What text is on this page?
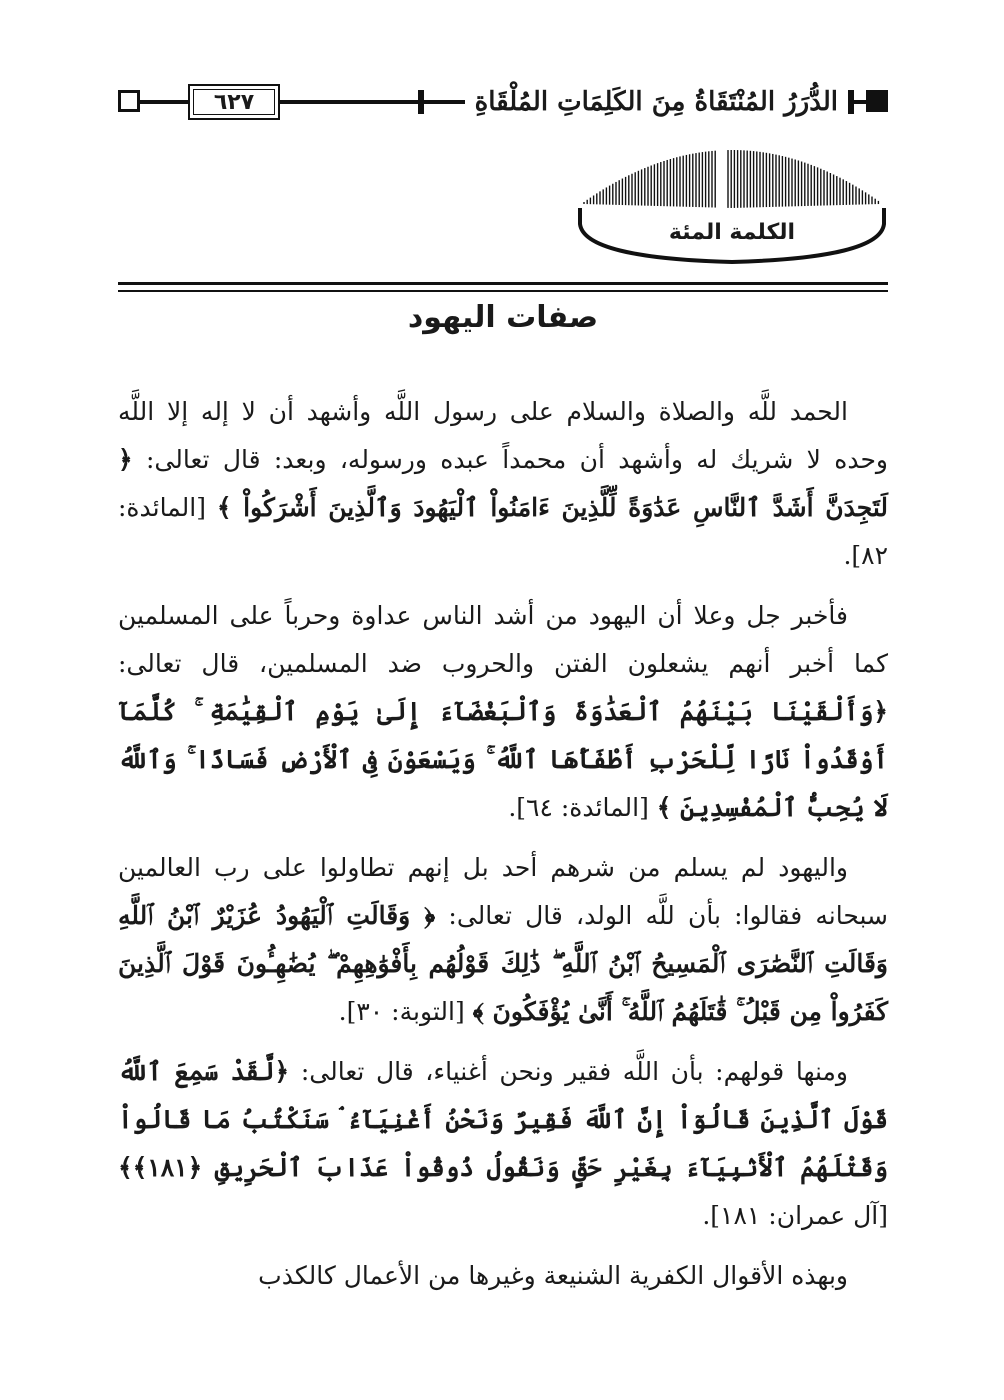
٦٢٧	الدُّرَرُ المُنْتَقَاةُ مِنَ الكَلِمَاتِ المُلْقَاةِ
الكلمة المئة
صفات اليهود

الحمد للَّه والصلاة والسلام على رسول اللَّه وأشهد أن لا إله إلا اللَّه وحده لا شريك له وأشهد أن محمداً عبده ورسوله، وبعد: قال تعالى: ﴿ لَتَجِدَنَّ أَشَدَّ ٱلنَّاسِ عَدَٰوَةً لِّلَّذِينَ ءَامَنُواْ ٱلْيَهُودَ وَٱلَّذِينَ أَشْرَكُواْ ﴾ [المائدة: ٨٢].

فأخبر جل وعلا أن اليهود من أشد الناس عداوة وحرباً على المسلمين كما أخبر أنهم يشعلون الفتن والحروب ضد المسلمين، قال تعالى: ﴿وَأَلْقَيْنَا بَيْنَهُمُ ٱلْعَدَٰوَةَ وَٱلْبَغْضَآءَ إِلَىٰ يَوْمِ ٱلْقِيَٰمَةِ ۚ كُلَّمَآ أَوْقَدُواْ نَارًا لِّلْحَرْبِ أَطْفَأَهَا ٱللَّهُ ۚ وَيَسْعَوْنَ فِى ٱلْأَرْضِ فَسَادًا ۚ وَٱللَّهُ لَا يُحِبُّ ٱلْمُفْسِدِينَ ﴾ [المائدة: ٦٤].

واليهود لم يسلم من شرهم أحد بل إنهم تطاولوا على رب العالمين سبحانه فقالوا: بأن للَّه الولد، قال تعالى: ﴿ وَقَالَتِ ٱلْيَهُودُ عُزَيْرٌ ٱبْنُ ٱللَّهِ وَقَالَتِ ٱلنَّصَٰرَى ٱلْمَسِيحُ ٱبْنُ ٱللَّهِ ۖ ذَٰلِكَ قَوْلُهُم بِأَفْوَٰهِهِمْ ۖ يُضَٰهِـُٔونَ قَوْلَ ٱلَّذِينَ كَفَرُواْ مِن قَبْلُ ۚ قَٰتَلَهُمُ ٱللَّهُ ۚ أَنَّىٰ يُؤْفَكُونَ ﴾ [التوبة: ٣٠].

ومنها قولهم: بأن اللَّه فقير ونحن أغنياء، قال تعالى: ﴿لَّقَدْ سَمِعَ ٱللَّهُ قَوْلَ ٱلَّذِينَ قَالُوٓاْ إِنَّ ٱللَّهَ فَقِيرٌ وَنَحْنُ أَغْنِيَآءُ ۘ سَنَكْتُبُ مَا قَالُواْ وَقَتْلَهُمُ ٱلْأَنۢبِيَآءَ بِغَيْرِ حَقٍّ وَنَقُولُ ذُوقُواْ عَذَابَ ٱلْحَرِيقِ ﴿١٨١﴾﴾ [آل عمران: ١٨١].

وبهذه الأقوال الكفرية الشنيعة وغيرها من الأعمال كالكذب
